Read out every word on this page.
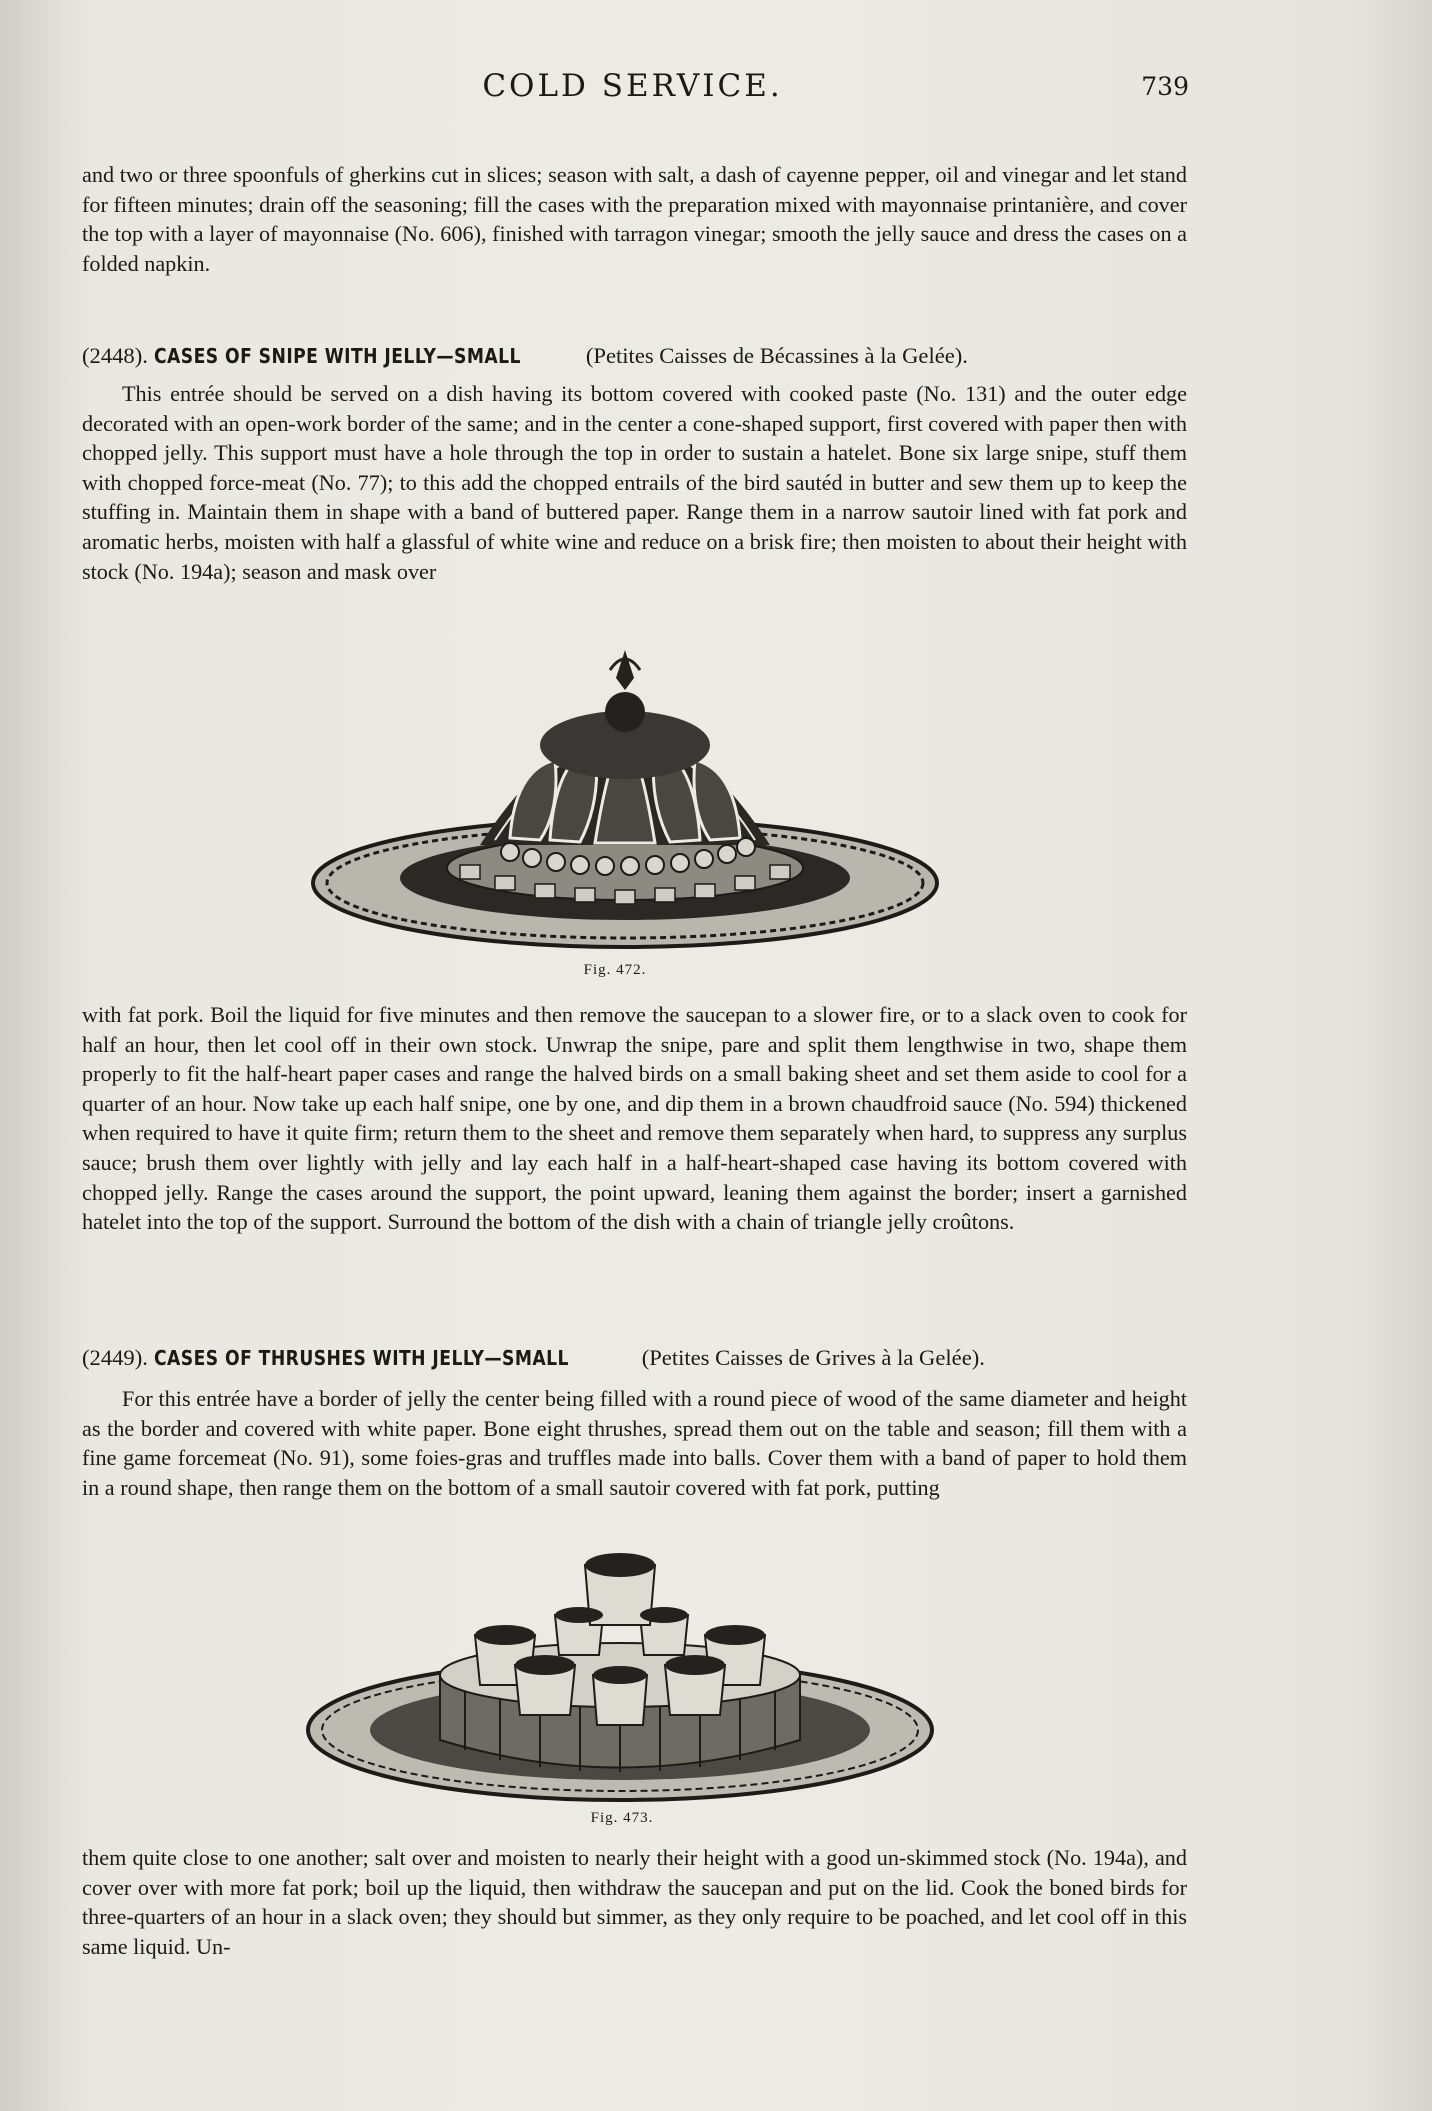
COLD SERVICE.	739

and two or three spoonfuls of gherkins cut in slices; season with salt, a dash of cayenne pepper, oil and vinegar and let stand for fifteen minutes; drain off the seasoning; fill the cases with the preparation mixed with mayonnaise printanière, and cover the top with a layer of mayonnaise (No. 606), finished with tarragon vinegar; smooth the jelly sauce and dress the cases on a folded napkin.

(2448). CASES OF SNIPE WITH JELLY—SMALL	(Petites Caisses de Bécassines à la Gelée).

This entrée should be served on a dish having its bottom covered with cooked paste (No. 131) and the outer edge decorated with an open-work border of the same; and in the center a cone-shaped support, first covered with paper then with chopped jelly. This support must have a hole through the top in order to sustain a hatelet. Bone six large snipe, stuff them with chopped force-meat (No. 77); to this add the chopped entrails of the bird sautéd in butter and sew them up to keep the stuffing in. Maintain them in shape with a band of buttered paper. Range them in a narrow sautoir lined with fat pork and aromatic herbs, moisten with half a glassful of white wine and reduce on a brisk fire; then moisten to about their height with stock (No. 194a); season and mask over

Fig. 472.

with fat pork. Boil the liquid for five minutes and then remove the saucepan to a slower fire, or to a slack oven to cook for half an hour, then let cool off in their own stock. Unwrap the snipe, pare and split them lengthwise in two, shape them properly to fit the half-heart paper cases and range the halved birds on a small baking sheet and set them aside to cool for a quarter of an hour. Now take up each half snipe, one by one, and dip them in a brown chaudfroid sauce (No. 594) thickened when required to have it quite firm; return them to the sheet and remove them separately when hard, to suppress any surplus sauce; brush them over lightly with jelly and lay each half in a half-heart-shaped case having its bottom covered with chopped jelly. Range the cases around the support, the point upward, leaning them against the border; insert a garnished hatelet into the top of the support. Surround the bottom of the dish with a chain of triangle jelly croûtons.

(2449). CASES OF THRUSHES WITH JELLY—SMALL	(Petites Caisses de Grives à la Gelée).

For this entrée have a border of jelly the center being filled with a round piece of wood of the same diameter and height as the border and covered with white paper. Bone eight thrushes, spread them out on the table and season; fill them with a fine game forcemeat (No. 91), some foies-gras and truffles made into balls. Cover them with a band of paper to hold them in a round shape, then range them on the bottom of a small sautoir covered with fat pork, putting

Fig. 473.

them quite close to one another; salt over and moisten to nearly their height with a good un-skimmed stock (No. 194a), and cover over with more fat pork; boil up the liquid, then withdraw the saucepan and put on the lid. Cook the boned birds for three-quarters of an hour in a slack oven; they should but simmer, as they only require to be poached, and let cool off in this same liquid. Un-
